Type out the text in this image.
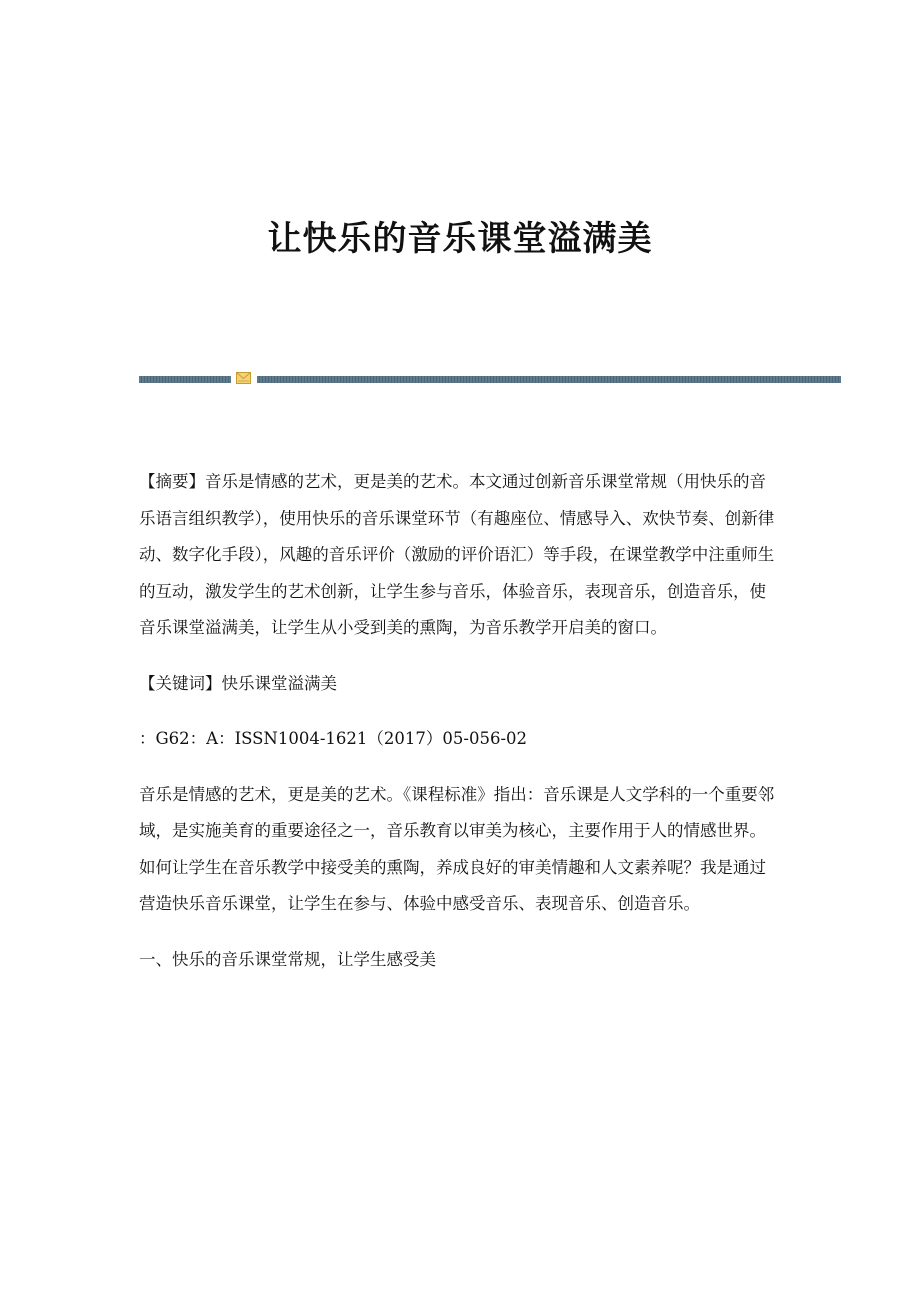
让快乐的音乐课堂溢满美

【摘要】音乐是情感的艺术，更是美的艺术。本文通过创新音乐课堂常规（用快乐的音乐语言组织教学），使用快乐的音乐课堂环节（有趣座位、情感导入、欢快节奏、创新律动、数字化手段），风趣的音乐评价（激励的评价语汇）等手段，在课堂教学中注重师生的互动，激发学生的艺术创新，让学生参与音乐，体验音乐，表现音乐，创造音乐，使音乐课堂溢满美，让学生从小受到美的熏陶，为音乐教学开启美的窗口。

【关键词】快乐课堂溢满美

：G62：A：ISSN1004-1621（2017）05-056-02

音乐是情感的艺术，更是美的艺术。《课程标准》指出：音乐课是人文学科的一个重要邻域，是实施美育的重要途径之一，音乐教育以审美为核心，主要作用于人的情感世界。如何让学生在音乐教学中接受美的熏陶，养成良好的审美情趣和人文素养呢？我是通过营造快乐音乐课堂，让学生在参与、体验中感受音乐、表现音乐、创造音乐。

一、快乐的音乐课堂常规，让学生感受美
